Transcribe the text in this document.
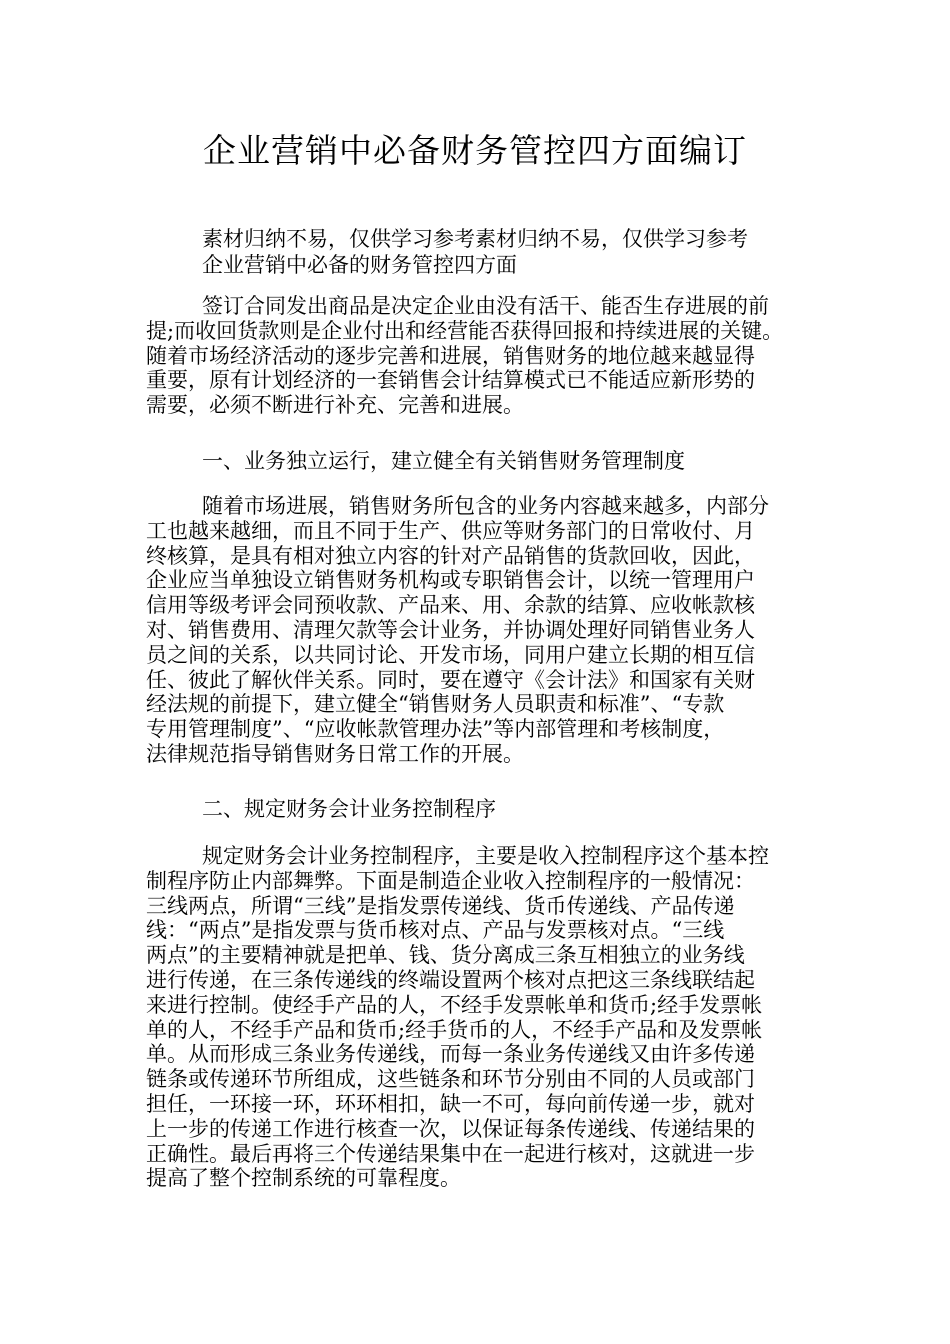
企业营销中必备财务管控四方面编订
素材归纳不易，仅供学习参考素材归纳不易，仅供学习参考
企业营销中必备的财务管控四方面
签订合同发出商品是决定企业由没有活干、能否生存进展的前
提;而收回货款则是企业付出和经营能否获得回报和持续进展的关键。
随着市场经济活动的逐步完善和进展，销售财务的地位越来越显得
重要，原有计划经济的一套销售会计结算模式已不能适应新形势的
需要，必须不断进行补充、完善和进展。
一、业务独立运行，建立健全有关销售财务管理制度
随着市场进展，销售财务所包含的业务内容越来越多，内部分
工也越来越细，而且不同于生产、供应等财务部门的日常收付、月
终核算，是具有相对独立内容的针对产品销售的货款回收，因此，
企业应当单独设立销售财务机构或专职销售会计，以统一管理用户
信用等级考评会同预收款、产品来、用、余款的结算、应收帐款核
对、销售费用、清理欠款等会计业务，并协调处理好同销售业务人
员之间的关系，以共同讨论、开发市场，同用户建立长期的相互信
任、彼此了解伙伴关系。同时，要在遵守《会计法》和国家有关财
经法规的前提下，建立健全“销售财务人员职责和标准”、“专款
专用管理制度”、“应收帐款管理办法”等内部管理和考核制度，
法律规范指导销售财务日常工作的开展。
二、规定财务会计业务控制程序
规定财务会计业务控制程序，主要是收入控制程序这个基本控
制程序防止内部舞弊。下面是制造企业收入控制程序的一般情况：
三线两点，所谓“三线”是指发票传递线、货币传递线、产品传递
线：“两点”是指发票与货币核对点、产品与发票核对点。“三线
两点”的主要精神就是把单、钱、货分离成三条互相独立的业务线
进行传递，在三条传递线的终端设置两个核对点把这三条线联结起
来进行控制。使经手产品的人，不经手发票帐单和货币;经手发票帐
单的人，不经手产品和货币;经手货币的人，不经手产品和及发票帐
单。从而形成三条业务传递线，而每一条业务传递线又由许多传递
链条或传递环节所组成，这些链条和环节分别由不同的人员或部门
担任，一环接一环，环环相扣，缺一不可，每向前传递一步，就对
上一步的传递工作进行核查一次，以保证每条传递线、传递结果的
正确性。最后再将三个传递结果集中在一起进行核对，这就进一步
提高了整个控制系统的可靠程度。
